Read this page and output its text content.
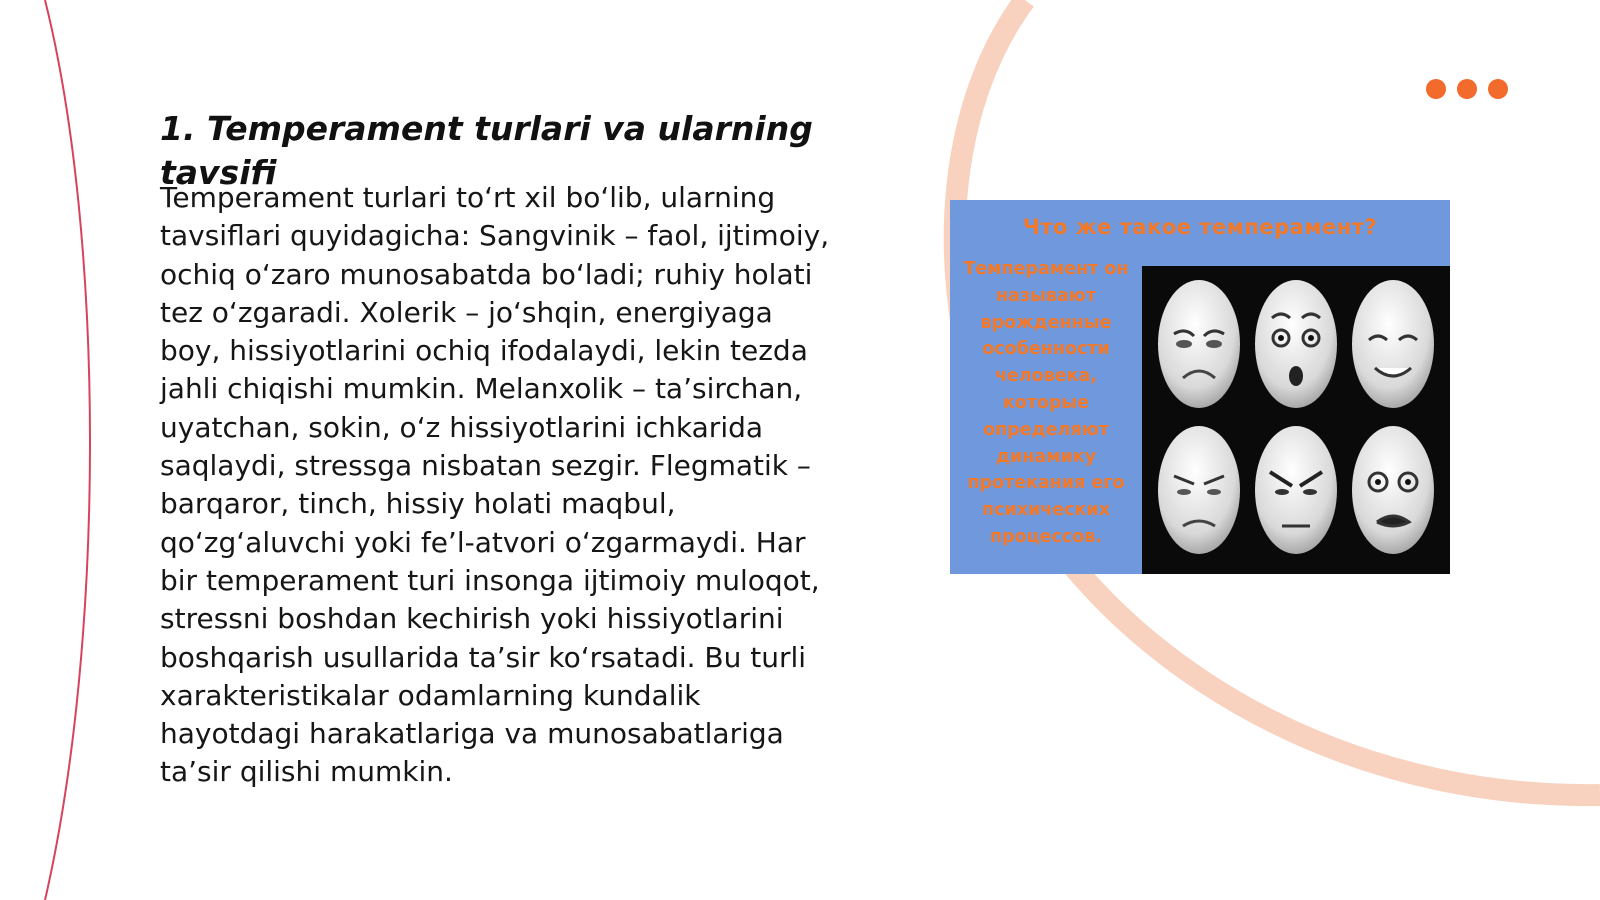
1. Temperament turlari va ularning tavsifi

Temperament turlari to‘rt xil bo‘lib, ularning tavsiflari quyidagicha: Sangvinik – faol, ijtimoiy, ochiq o‘zaro munosabatda bo‘ladi; ruhiy holati tez o‘zgaradi. Xolerik – jo‘shqin, energiyaga boy, hissiyotlarini ochiq ifodalaydi, lekin tezda jahli chiqishi mumkin. Melanxolik – ta’sirchan, uyatchan, sokin, o‘z hissiyotlarini ichkarida saqlaydi, stressga nisbatan sezgir. Flegmatik – barqaror, tinch, hissiy holati maqbul, qo‘zg‘aluvchi yoki fe’l-atvori o‘zgarmaydi. Har bir temperament turi insonga ijtimoiy muloqot, stressni boshdan kechirish yoki hissiyotlarini boshqarish usullarida ta’sir ko‘rsatadi. Bu turli xarakteristikalar odamlarning kundalik hayotdagi harakatlariga va munosabatlariga ta’sir qilishi mumkin.

Что же такое темперамент?
Темперамент он называют врожденные особенности человека, которые определяют динамику протекания его психических процессов.
